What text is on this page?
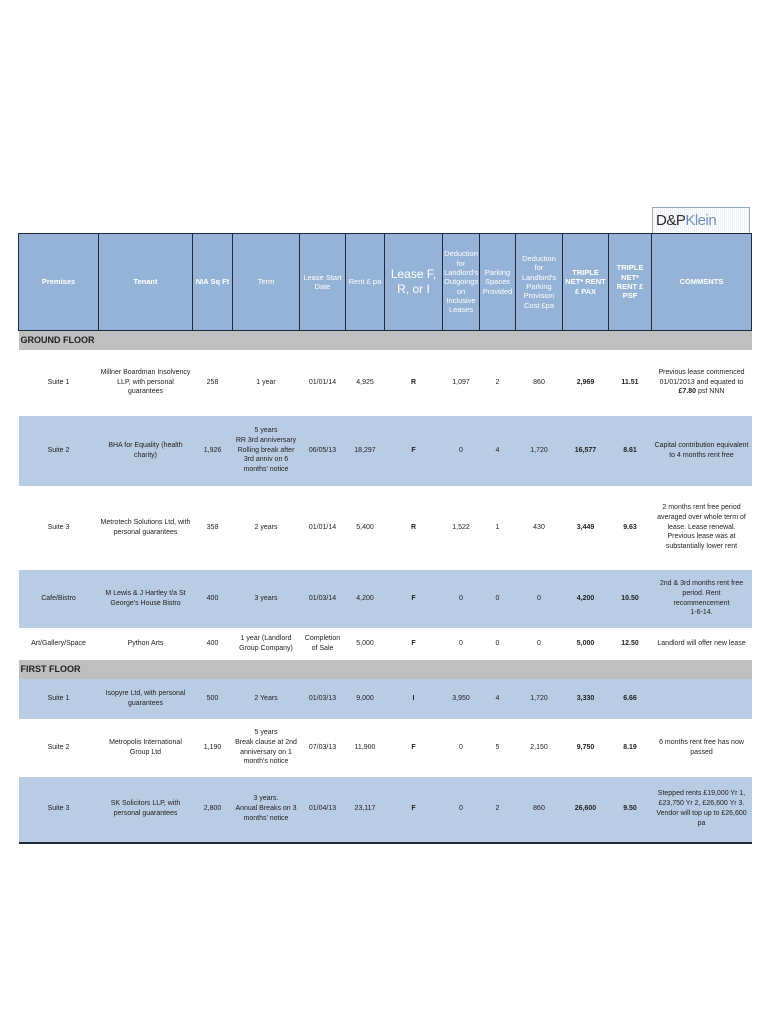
D&P Klein
Premises	Tenant	NIA Sq Ft	Term	Lease Start Date	Rent £ pa	Lease F, R, or I	Deduction for Landlord's Outgoings on Inclusive Leases	Parking Spaces Provided	Deduction for Landlord's Parking Provision Cost £pa	TRIPLE NET* RENT £ PAX	TRIPLE NET* RENT £ PSF	COMMENTS
GROUND FLOOR												
Suite 1	Millner Boardman Insolvency LLP, with personal guarantees	258	1 year	01/01/14	4,925	R	1,097	2	860	2,969	11.51	Previous lease commenced 01/01/2013 and equated to £7.80 psf NNN
Suite 2	BHA for Equality (health charity)	1,926	5 years
RR 3rd anniversary
Rolling break after 3rd anniv on 6 months' notice	06/05/13	18,297	F	0	4	1,720	16,577	8.61	Capital contribution equivalent to 4 months rent free
Suite 3	Metrotech Solutions Ltd, with personal guarantees	358	2 years	01/01/14	5,400	R	1,522	1	430	3,449	9.63	2 months rent free period averaged over whole term of lease. Lease renewal. Previous lease was at substantially lower rent
Cafe/Bistro	M Lewis & J Hartley t/a St George's House Bistro	400	3 years	01/03/14	4,200	F	0	0	0	4,200	10.50	2nd & 3rd months rent free period. Rent recommencement
1-6-14.
Art/Gallery/Space	Python Arts	400	1 year (Landlord Group Company)	Completion of Sale	5,000	F	0	0	0	5,000	12.50	Landlord will offer new lease
FIRST FLOOR												
Suite 1	Isopyre Ltd, with personal guarantees	500	2 Years	01/03/13	9,000	I	3,950	4	1,720	3,330	6.66	
Suite 2	Metropolis International Group Ltd	1,190	5 years
Break clause at 2nd anniversary on 1 month's notice	07/03/13	11,900	F	0	5	2,150	9,750	8.19	6 months rent free has now passed
Suite 3	SK Solicitors LLP, with personal guarantees	2,800	3 years.
Annual Breaks on 3 months' notice	01/04/13	23,117	F	0	2	860	26,600	9.50	Stepped rents £19,000 Yr 1, £23,750 Yr 2, £26,600 Yr 3. Vendor will top up to £26,600 pa
